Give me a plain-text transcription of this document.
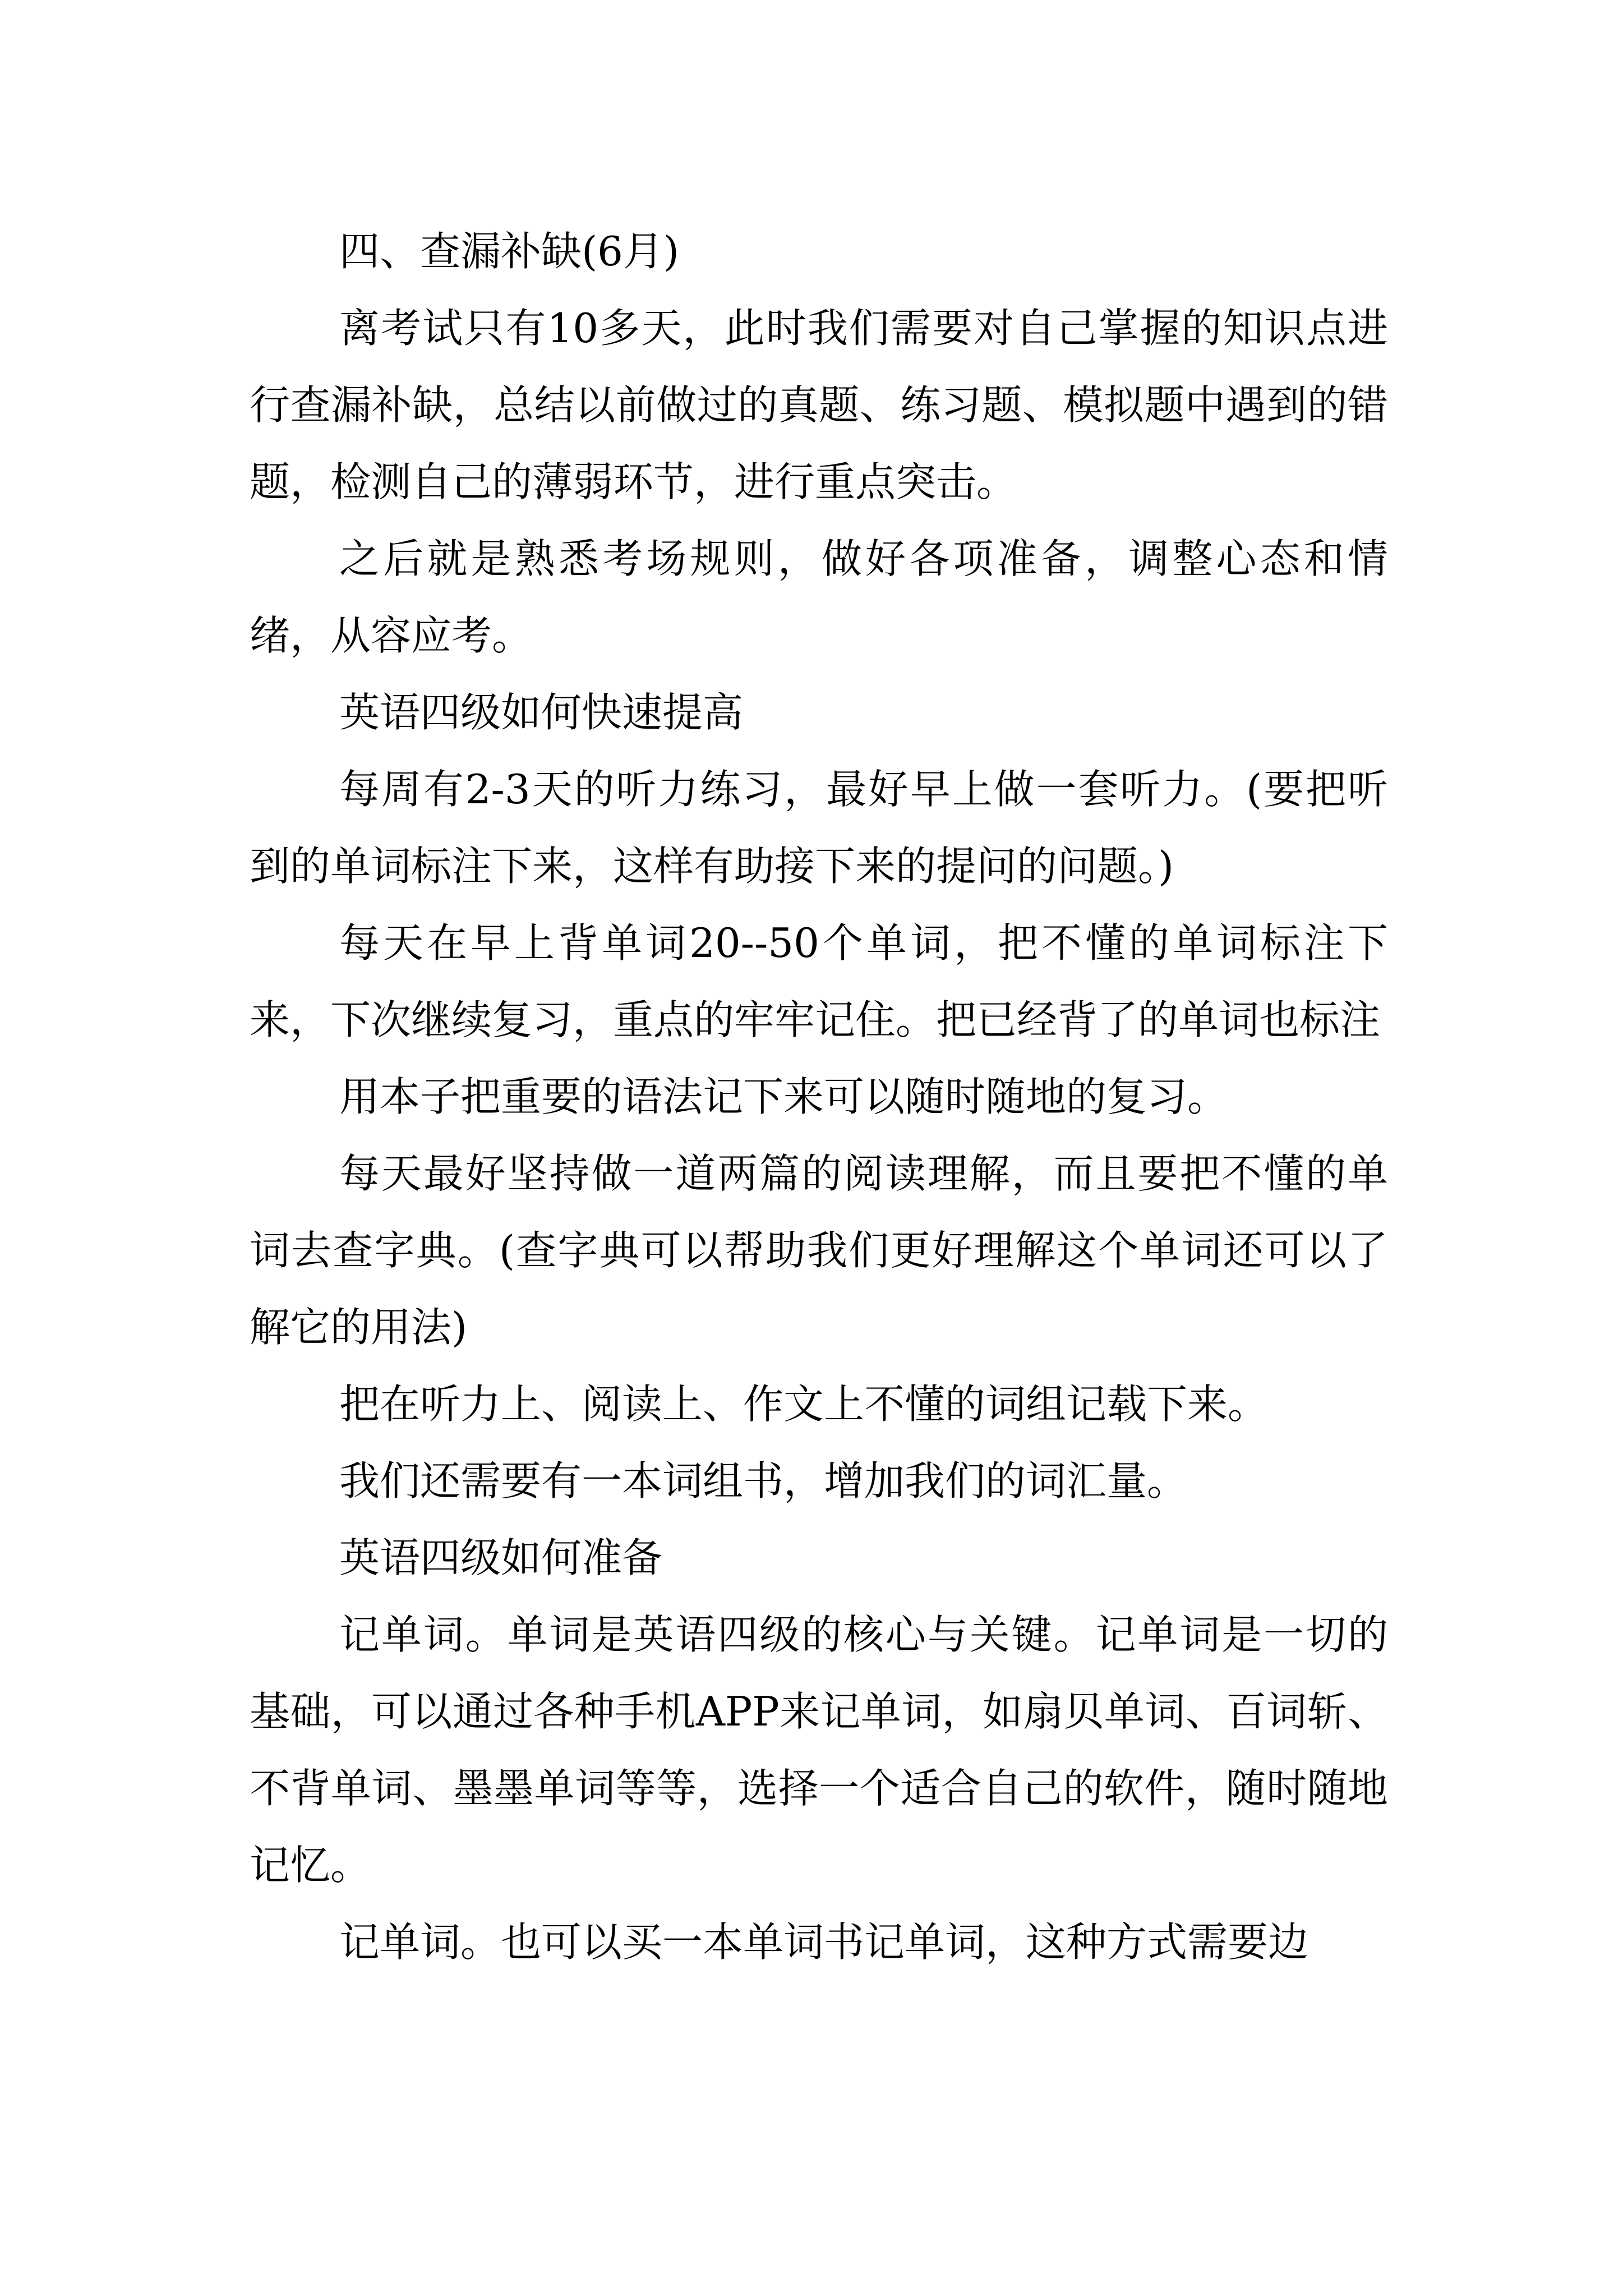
四、查漏补缺(6月)

离考试只有10多天，此时我们需要对自己掌握的知识点进行查漏补缺，总结以前做过的真题、练习题、模拟题中遇到的错题，检测自己的薄弱环节，进行重点突击。

之后就是熟悉考场规则，做好各项准备，调整心态和情绪，从容应考。

英语四级如何快速提高

每周有2-3天的听力练习，最好早上做一套听力。(要把听到的单词标注下来，这样有助接下来的提问的问题。)

每天在早上背单词20--50个单词，把不懂的单词标注下来，下次继续复习，重点的牢牢记住。把已经背了的单词也标注

用本子把重要的语法记下来可以随时随地的复习。

每天最好坚持做一道两篇的阅读理解，而且要把不懂的单词去查字典。(查字典可以帮助我们更好理解这个单词还可以了解它的用法)

把在听力上、阅读上、作文上不懂的词组记载下来。

我们还需要有一本词组书，增加我们的词汇量。

英语四级如何准备

记单词。单词是英语四级的核心与关键。记单词是一切的基础，可以通过各种手机APP来记单词，如扇贝单词、百词斩、不背单词、墨墨单词等等，选择一个适合自己的软件，随时随地记忆。

记单词。也可以买一本单词书记单词，这种方式需要边
